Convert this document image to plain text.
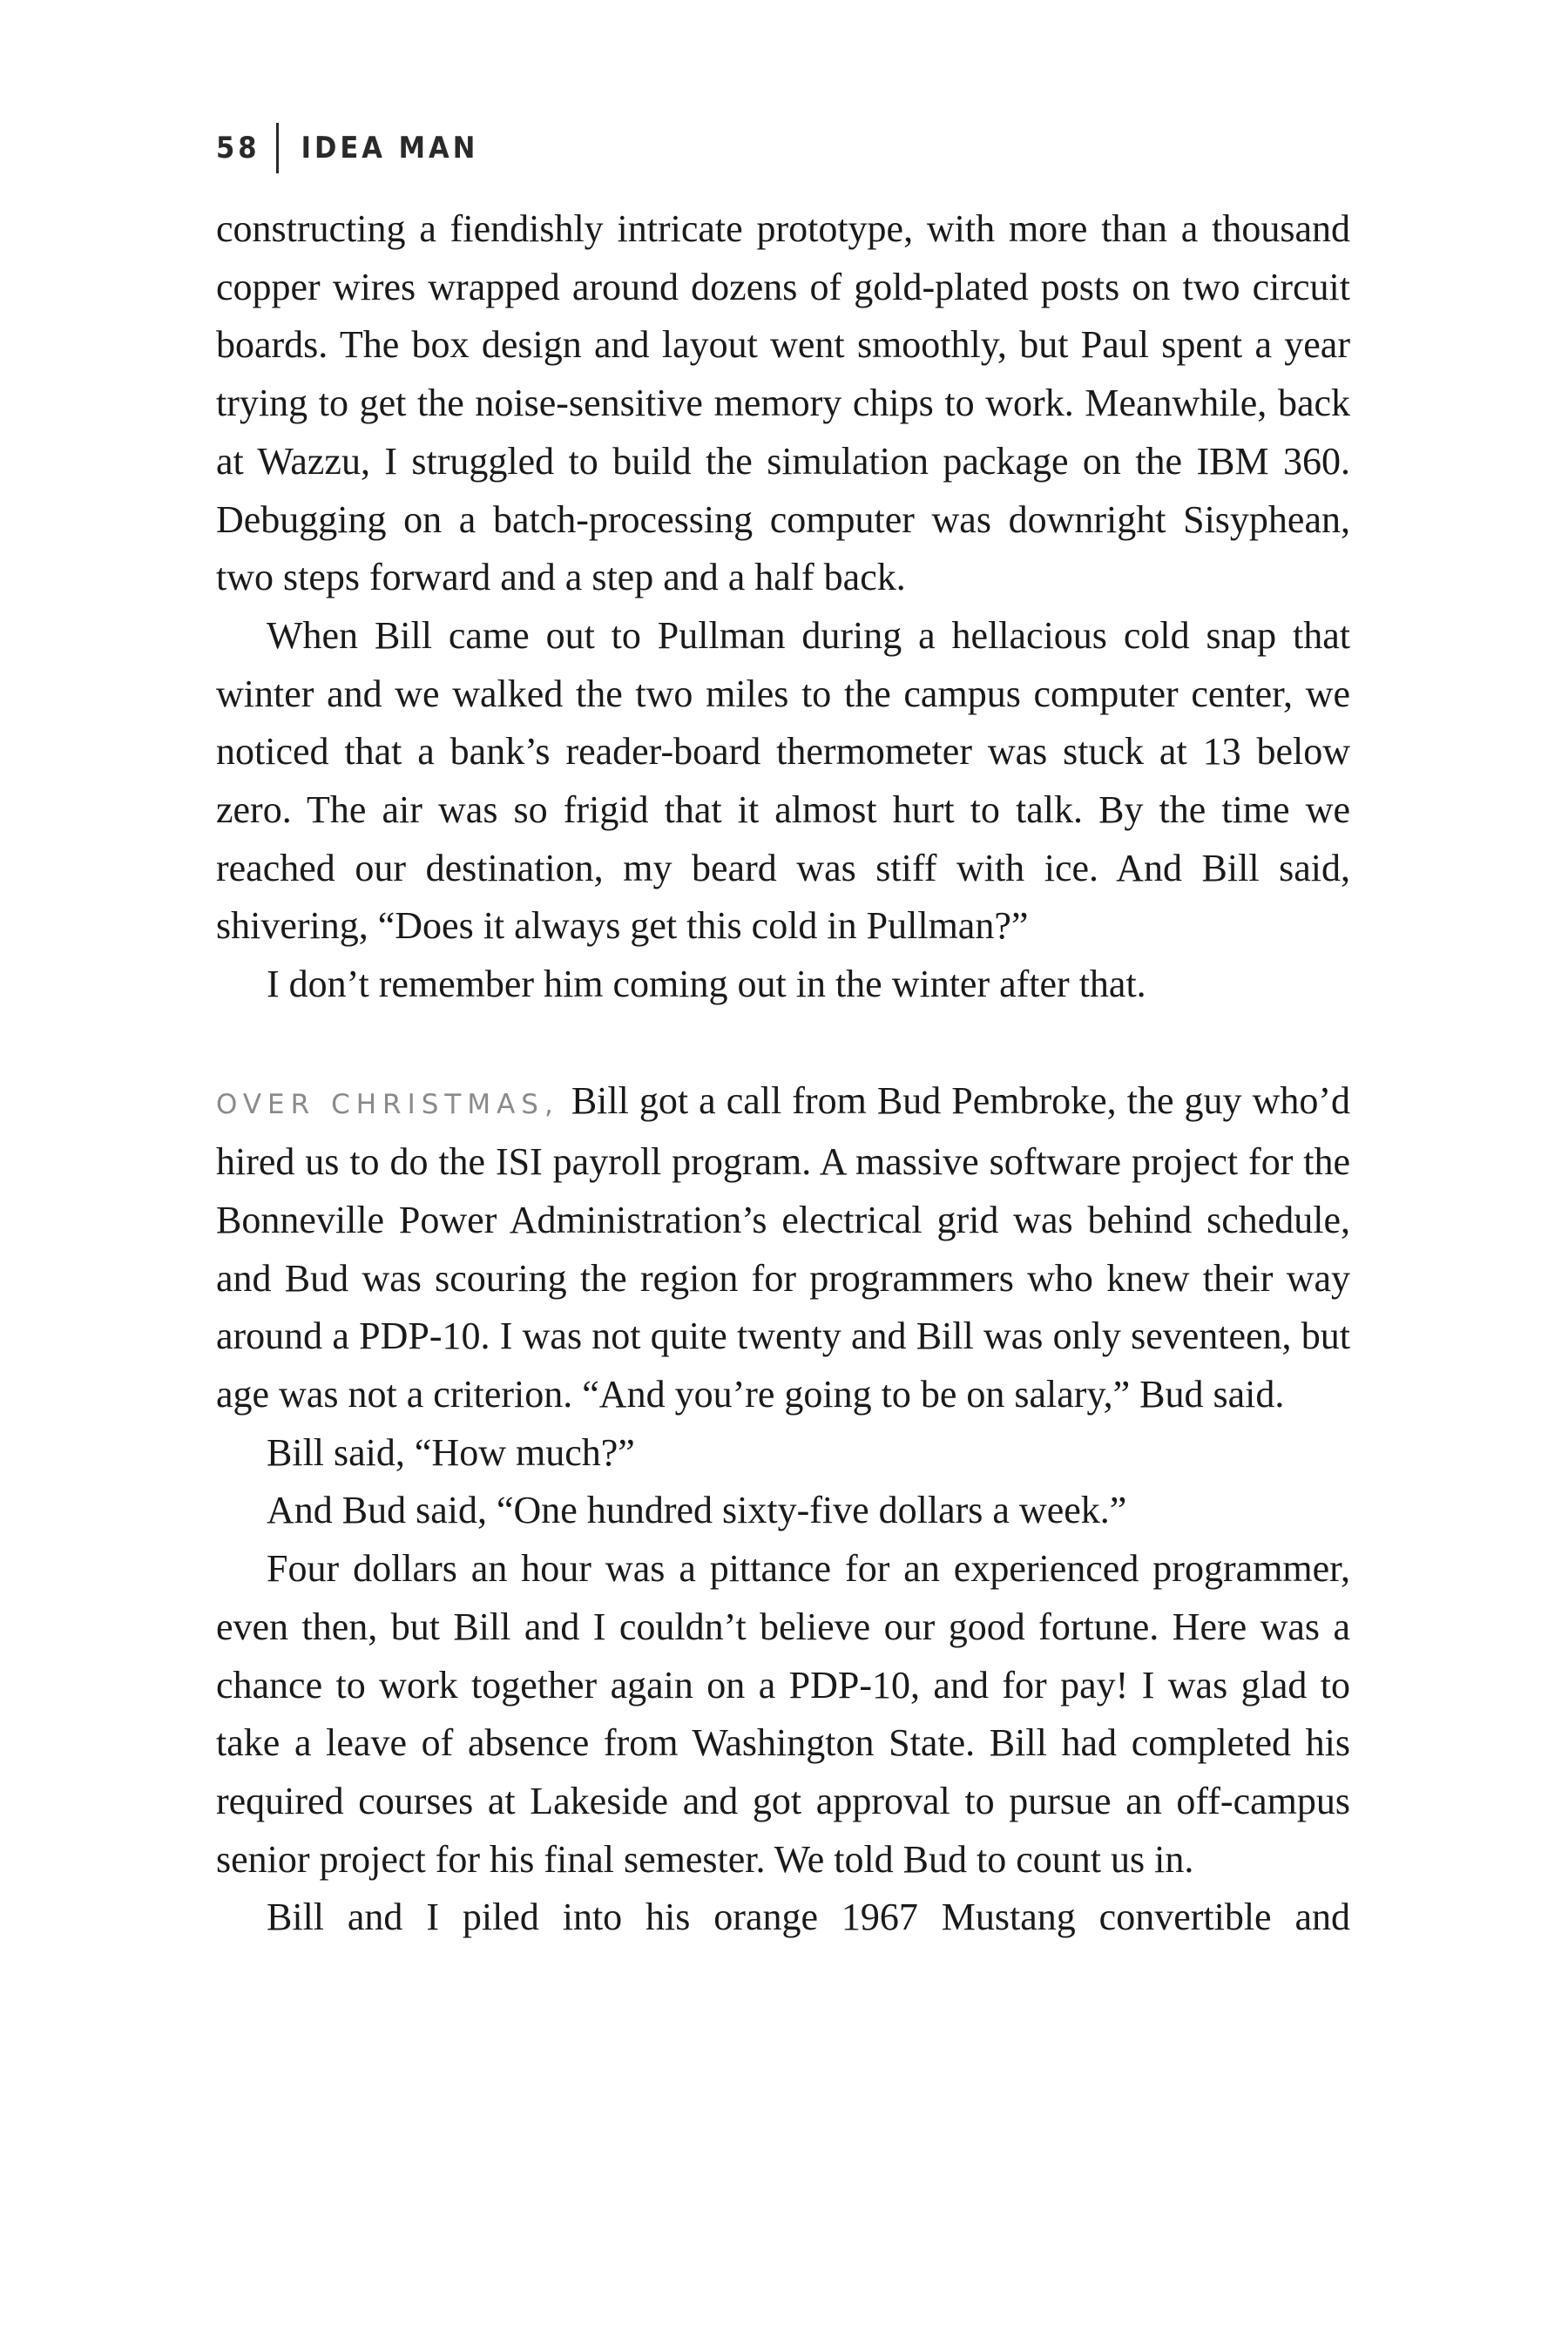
58 IDEA MAN

constructing a fiendishly intricate prototype, with more than a thousand copper wires wrapped around dozens of gold-plated posts on two circuit boards. The box design and layout went smoothly, but Paul spent a year trying to get the noise-sensitive memory chips to work. Meanwhile, back at Wazzu, I struggled to build the simulation package on the IBM 360. Debugging on a batch-processing computer was downright Sisyphean, two steps forward and a step and a half back.

When Bill came out to Pullman during a hellacious cold snap that winter and we walked the two miles to the campus computer center, we noticed that a bank’s reader-board thermometer was stuck at 13 below zero. The air was so frigid that it almost hurt to talk. By the time we reached our destination, my beard was stiff with ice. And Bill said, shivering, “Does it always get this cold in Pullman?”

I don’t remember him coming out in the winter after that.

OVER CHRISTMAS, Bill got a call from Bud Pembroke, the guy who’d hired us to do the ISI payroll program. A massive software project for the Bonneville Power Administration’s electrical grid was behind schedule, and Bud was scouring the region for programmers who knew their way around a PDP-10. I was not quite twenty and Bill was only seventeen, but age was not a criterion. “And you’re going to be on salary,” Bud said.

Bill said, “How much?”

And Bud said, “One hundred sixty-five dollars a week.”

Four dollars an hour was a pittance for an experienced programmer, even then, but Bill and I couldn’t believe our good fortune. Here was a chance to work together again on a PDP-10, and for pay! I was glad to take a leave of absence from Washington State. Bill had completed his required courses at Lakeside and got approval to pursue an off-campus senior project for his final semester. We told Bud to count us in.

Bill and I piled into his orange 1967 Mustang convertible and
